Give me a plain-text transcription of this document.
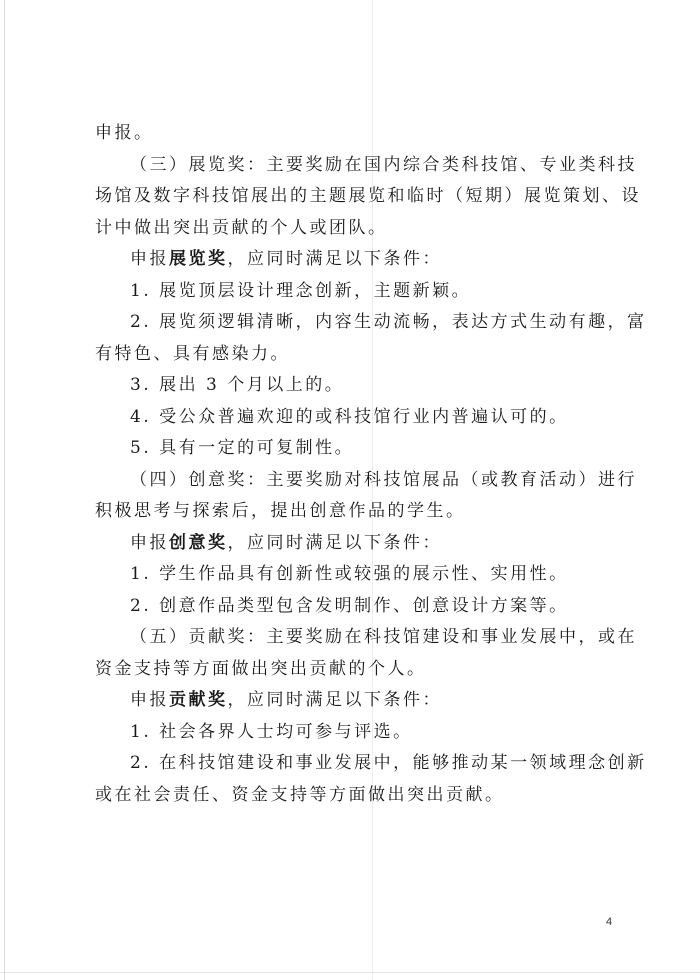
申报。

（三）展览奖：主要奖励在国内综合类科技馆、专业类科技

场馆及数字科技馆展出的主题展览和临时（短期）展览策划、设

计中做出突出贡献的个人或团队。

申报展览奖，应同时满足以下条件：

1. 展览顶层设计理念创新，主题新颖。

2. 展览须逻辑清晰，内容生动流畅，表达方式生动有趣，富

有特色、具有感染力。

3. 展出 3 个月以上的。

4. 受公众普遍欢迎的或科技馆行业内普遍认可的。

5. 具有一定的可复制性。

（四）创意奖：主要奖励对科技馆展品（或教育活动）进行

积极思考与探索后，提出创意作品的学生。

申报创意奖，应同时满足以下条件：

1. 学生作品具有创新性或较强的展示性、实用性。

2. 创意作品类型包含发明制作、创意设计方案等。

（五）贡献奖：主要奖励在科技馆建设和事业发展中，或在

资金支持等方面做出突出贡献的个人。

申报贡献奖，应同时满足以下条件：

1. 社会各界人士均可参与评选。

2. 在科技馆建设和事业发展中，能够推动某一领域理念创新

或在社会责任、资金支持等方面做出突出贡献。

4
